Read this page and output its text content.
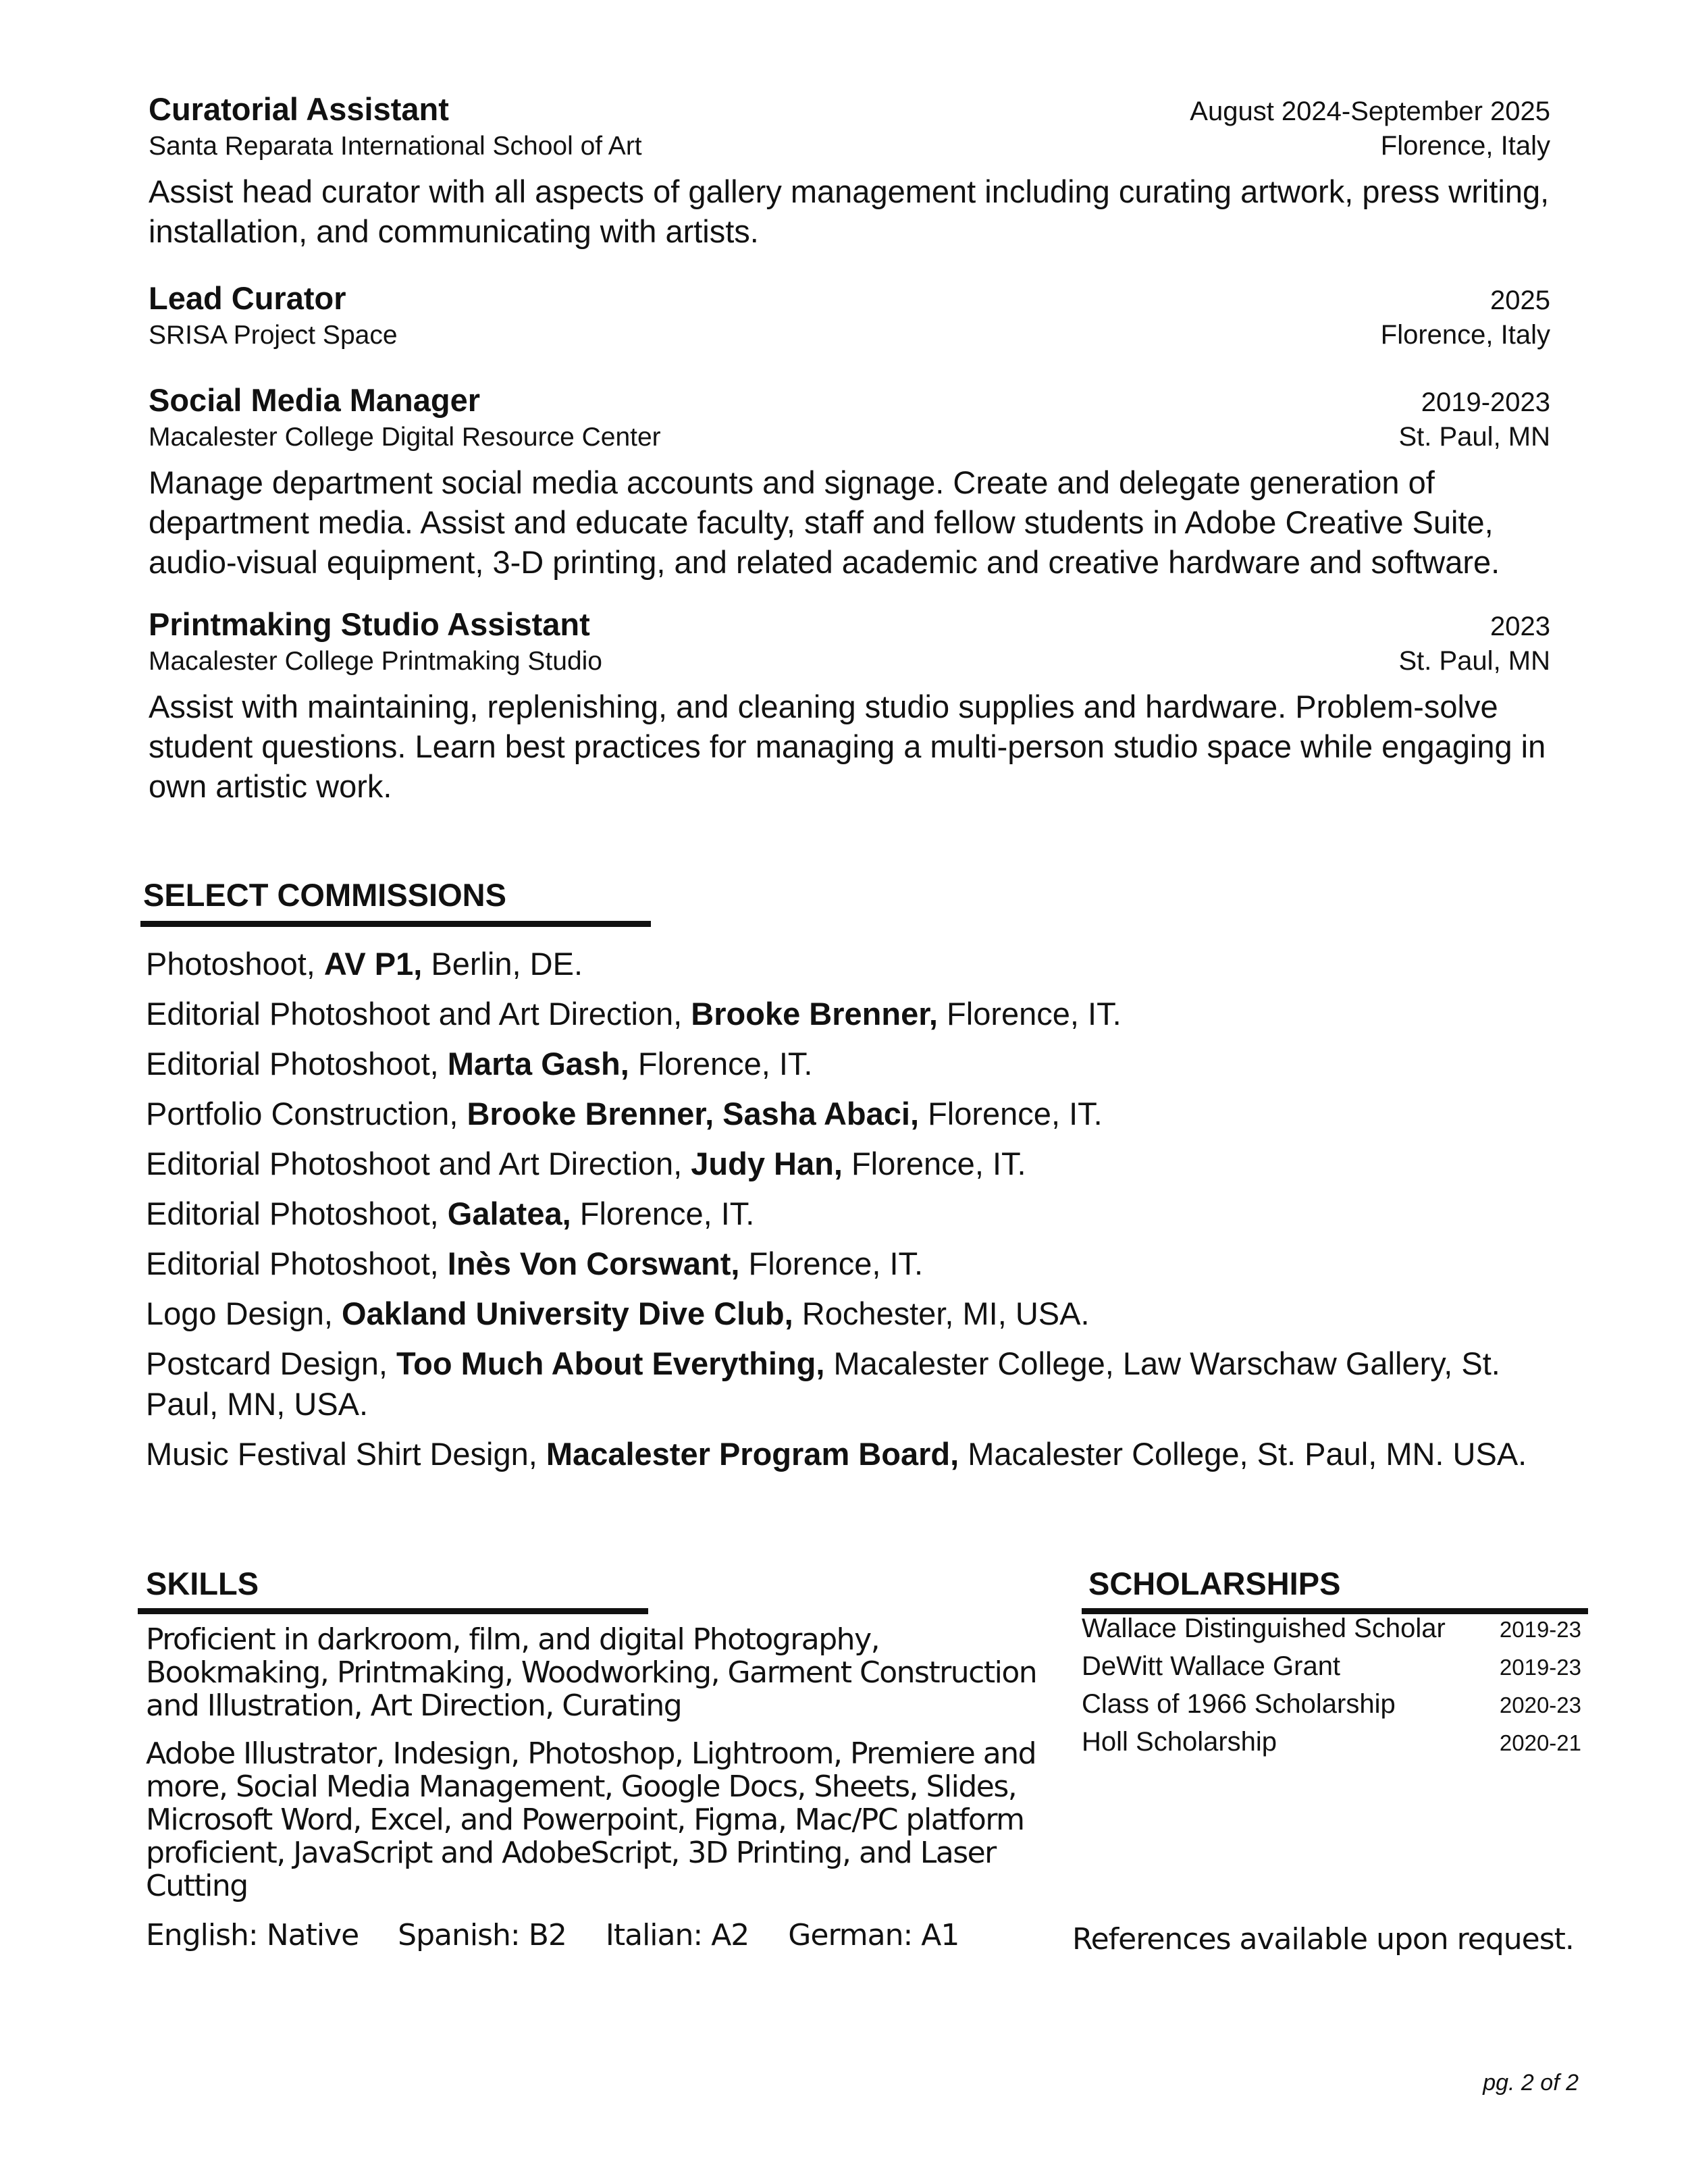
Curatorial Assistant	August 2024-September 2025
Santa Reparata International School of Art	Florence, Italy
Assist head curator with all aspects of gallery management including curating artwork, press writing, installation, and communicating with artists.
Lead Curator	2025
SRISA Project Space	Florence, Italy
Social Media Manager	2019-2023
Macalester College Digital Resource Center	St. Paul, MN
Manage department social media accounts and signage. Create and delegate generation of department media. Assist and educate faculty, staff and fellow students in Adobe Creative Suite, audio-visual equipment, 3-D printing, and related academic and creative hardware and software.
Printmaking Studio Assistant	2023
Macalester College Printmaking Studio	St. Paul, MN
Assist with maintaining, replenishing, and cleaning studio supplies and hardware. Problem-solve student questions. Learn best practices for managing a multi-person studio space while engaging in own artistic work.
SELECT COMMISSIONS
Photoshoot, AV P1, Berlin, DE.
Editorial Photoshoot and Art Direction, Brooke Brenner, Florence, IT.
Editorial Photoshoot, Marta Gash, Florence, IT.
Portfolio Construction, Brooke Brenner, Sasha Abaci, Florence, IT.
Editorial Photoshoot and Art Direction, Judy Han, Florence, IT.
Editorial Photoshoot, Galatea, Florence, IT.
Editorial Photoshoot, Inès Von Corswant, Florence, IT.
Logo Design, Oakland University Dive Club, Rochester, MI, USA.
Postcard Design, Too Much About Everything, Macalester College, Law Warschaw Gallery, St. Paul, MN, USA.
Music Festival Shirt Design, Macalester Program Board, Macalester College, St. Paul, MN. USA.
SKILLS
Proficient in darkroom, film, and digital Photography, Bookmaking, Printmaking, Woodworking, Garment Construction and Illustration, Art Direction, Curating
Adobe Illustrator, Indesign, Photoshop, Lightroom, Premiere and more, Social Media Management, Google Docs, Sheets, Slides, Microsoft Word, Excel, and Powerpoint, Figma, Mac/PC platform proficient, JavaScript and AdobeScript, 3D Printing, and Laser Cutting
English: Native Spanish: B2 Italian: A2 German: A1
SCHOLARSHIPS
Wallace Distinguished Scholar 2019-23
DeWitt Wallace Grant	2019-23
Class of 1966 Scholarship	2020-23
Holl Scholarship	2020-21
References available upon request.
pg. 2 of 2
